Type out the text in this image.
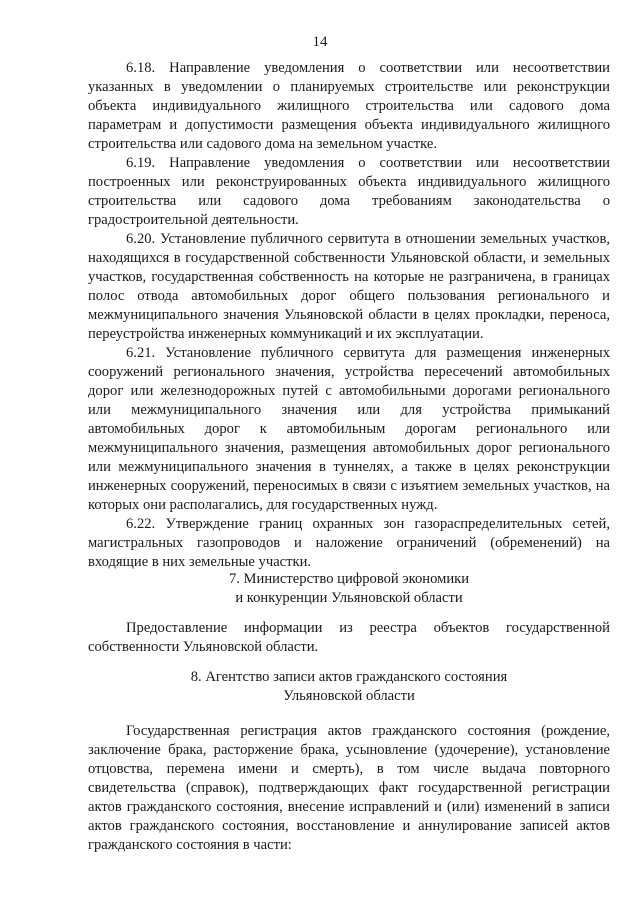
14

6.18. Направление уведомления о соответствии или несоответствии указанных в уведомлении о планируемых строительстве или реконструкции объекта индивидуального жилищного строительства или садового дома параметрам и допустимости размещения объекта индивидуального жилищного строительства или садового дома на земельном участке.

6.19. Направление уведомления о соответствии или несоответствии построенных или реконструированных объекта индивидуального жилищного строительства или садового дома требованиям законодательства о градостроительной деятельности.

6.20. Установление публичного сервитута в отношении земельных участков, находящихся в государственной собственности Ульяновской области, и земельных участков, государственная собственность на которые не разграничена, в границах полос отвода автомобильных дорог общего пользования регионального и межмуниципального значения Ульяновской области в целях прокладки, переноса, переустройства инженерных коммуникаций и их эксплуатации.

6.21. Установление публичного сервитута для размещения инженерных сооружений регионального значения, устройства пересечений автомобильных дорог или железнодорожных путей с автомобильными дорогами регионального или межмуниципального значения или для устройства примыканий автомобильных дорог к автомобильным дорогам регионального или межмуниципального значения, размещения автомобильных дорог регионального или межмуниципального значения в туннелях, а также в целях реконструкции инженерных сооружений, переносимых в связи с изъятием земельных участков, на которых они располагались, для государственных нужд.

6.22. Утверждение границ охранных зон газораспределительных сетей, магистральных газопроводов и наложение ограничений (обременений) на входящие в них земельные участки.

7. Министерство цифровой экономики
и конкуренции Ульяновской области

Предоставление информации из реестра объектов государственной собственности Ульяновской области.

8. Агентство записи актов гражданского состояния
Ульяновской области

Государственная регистрация актов гражданского состояния (рождение, заключение брака, расторжение брака, усыновление (удочерение), установление отцовства, перемена имени и смерть), в том числе выдача повторного свидетельства (справок), подтверждающих факт государственной регистрации актов гражданского состояния, внесение исправлений и (или) изменений в записи актов гражданского состояния, восстановление и аннулирование записей актов гражданского состояния в части:
